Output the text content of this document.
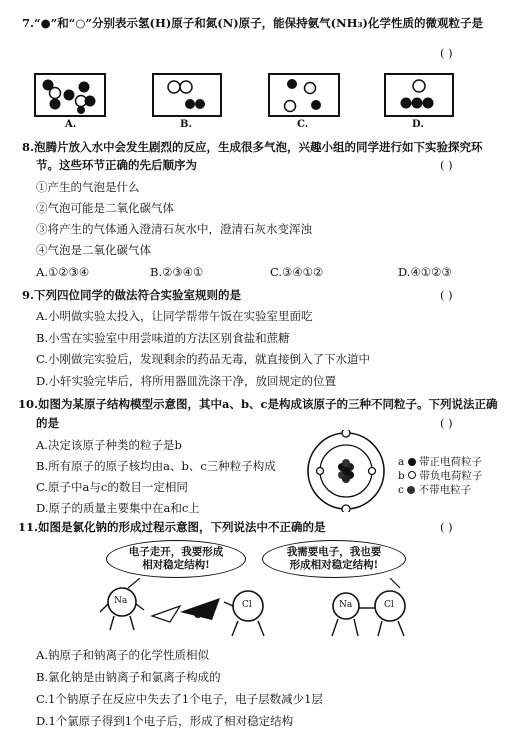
7.“●”和“○”分别表示氢(H)原子和氮(N)原子，能保持氨气(NH₃)化学性质的微观粒子是
( )
A.	B.	C.	D.
8.泡腾片放入水中会发生剧烈的反应，生成很多气泡，兴趣小组的同学进行如下实验探究环
节。这些环节正确的先后顺序为	( )
①产生的气泡是什么
②气泡可能是二氧化碳气体
③将产生的气体通入澄清石灰水中，澄清石灰水变浑浊
④气泡是二氧化碳气体
A.①②③④	B.②③④①	C.③④①②	D.④①②③
9.下列四位同学的做法符合实验室规则的是	( )
A.小明做实验太投入，让同学帮带午饭在实验室里面吃
B.小雪在实验室中用尝味道的方法区别食盐和蔗糖
C.小刚做完实验后，发现剩余的药品无毒，就直接倒入了下水道中
D.小轩实验完毕后，将所用器皿洗涤干净，放回规定的位置
10.如图为某原子结构模型示意图，其中a、b、c是构成该原子的三种不同粒子。下列说法正确
的是	( )
A.决定该原子种类的粒子是b
B.所有原子的原子核均由a、b、c三种粒子构成
C.原子中a与c的数目一定相同
D.原子的质量主要集中在a和c上
a 带正电荷粒子
b 带负电荷粒子
c 不带电粒子
11.如图是氯化钠的形成过程示意图，下列说法中不正确的是	( )
电子走开，我要形成
相对稳定结构!
我需要电子，我也要
形成相对稳定结构!
Na	Cl	Na	Cl
A.钠原子和钠离子的化学性质相似
B.氯化钠是由钠离子和氯离子构成的
C.1个钠原子在反应中失去了1个电子，电子层数减少1层
D.1个氯原子得到1个电子后，形成了相对稳定结构
